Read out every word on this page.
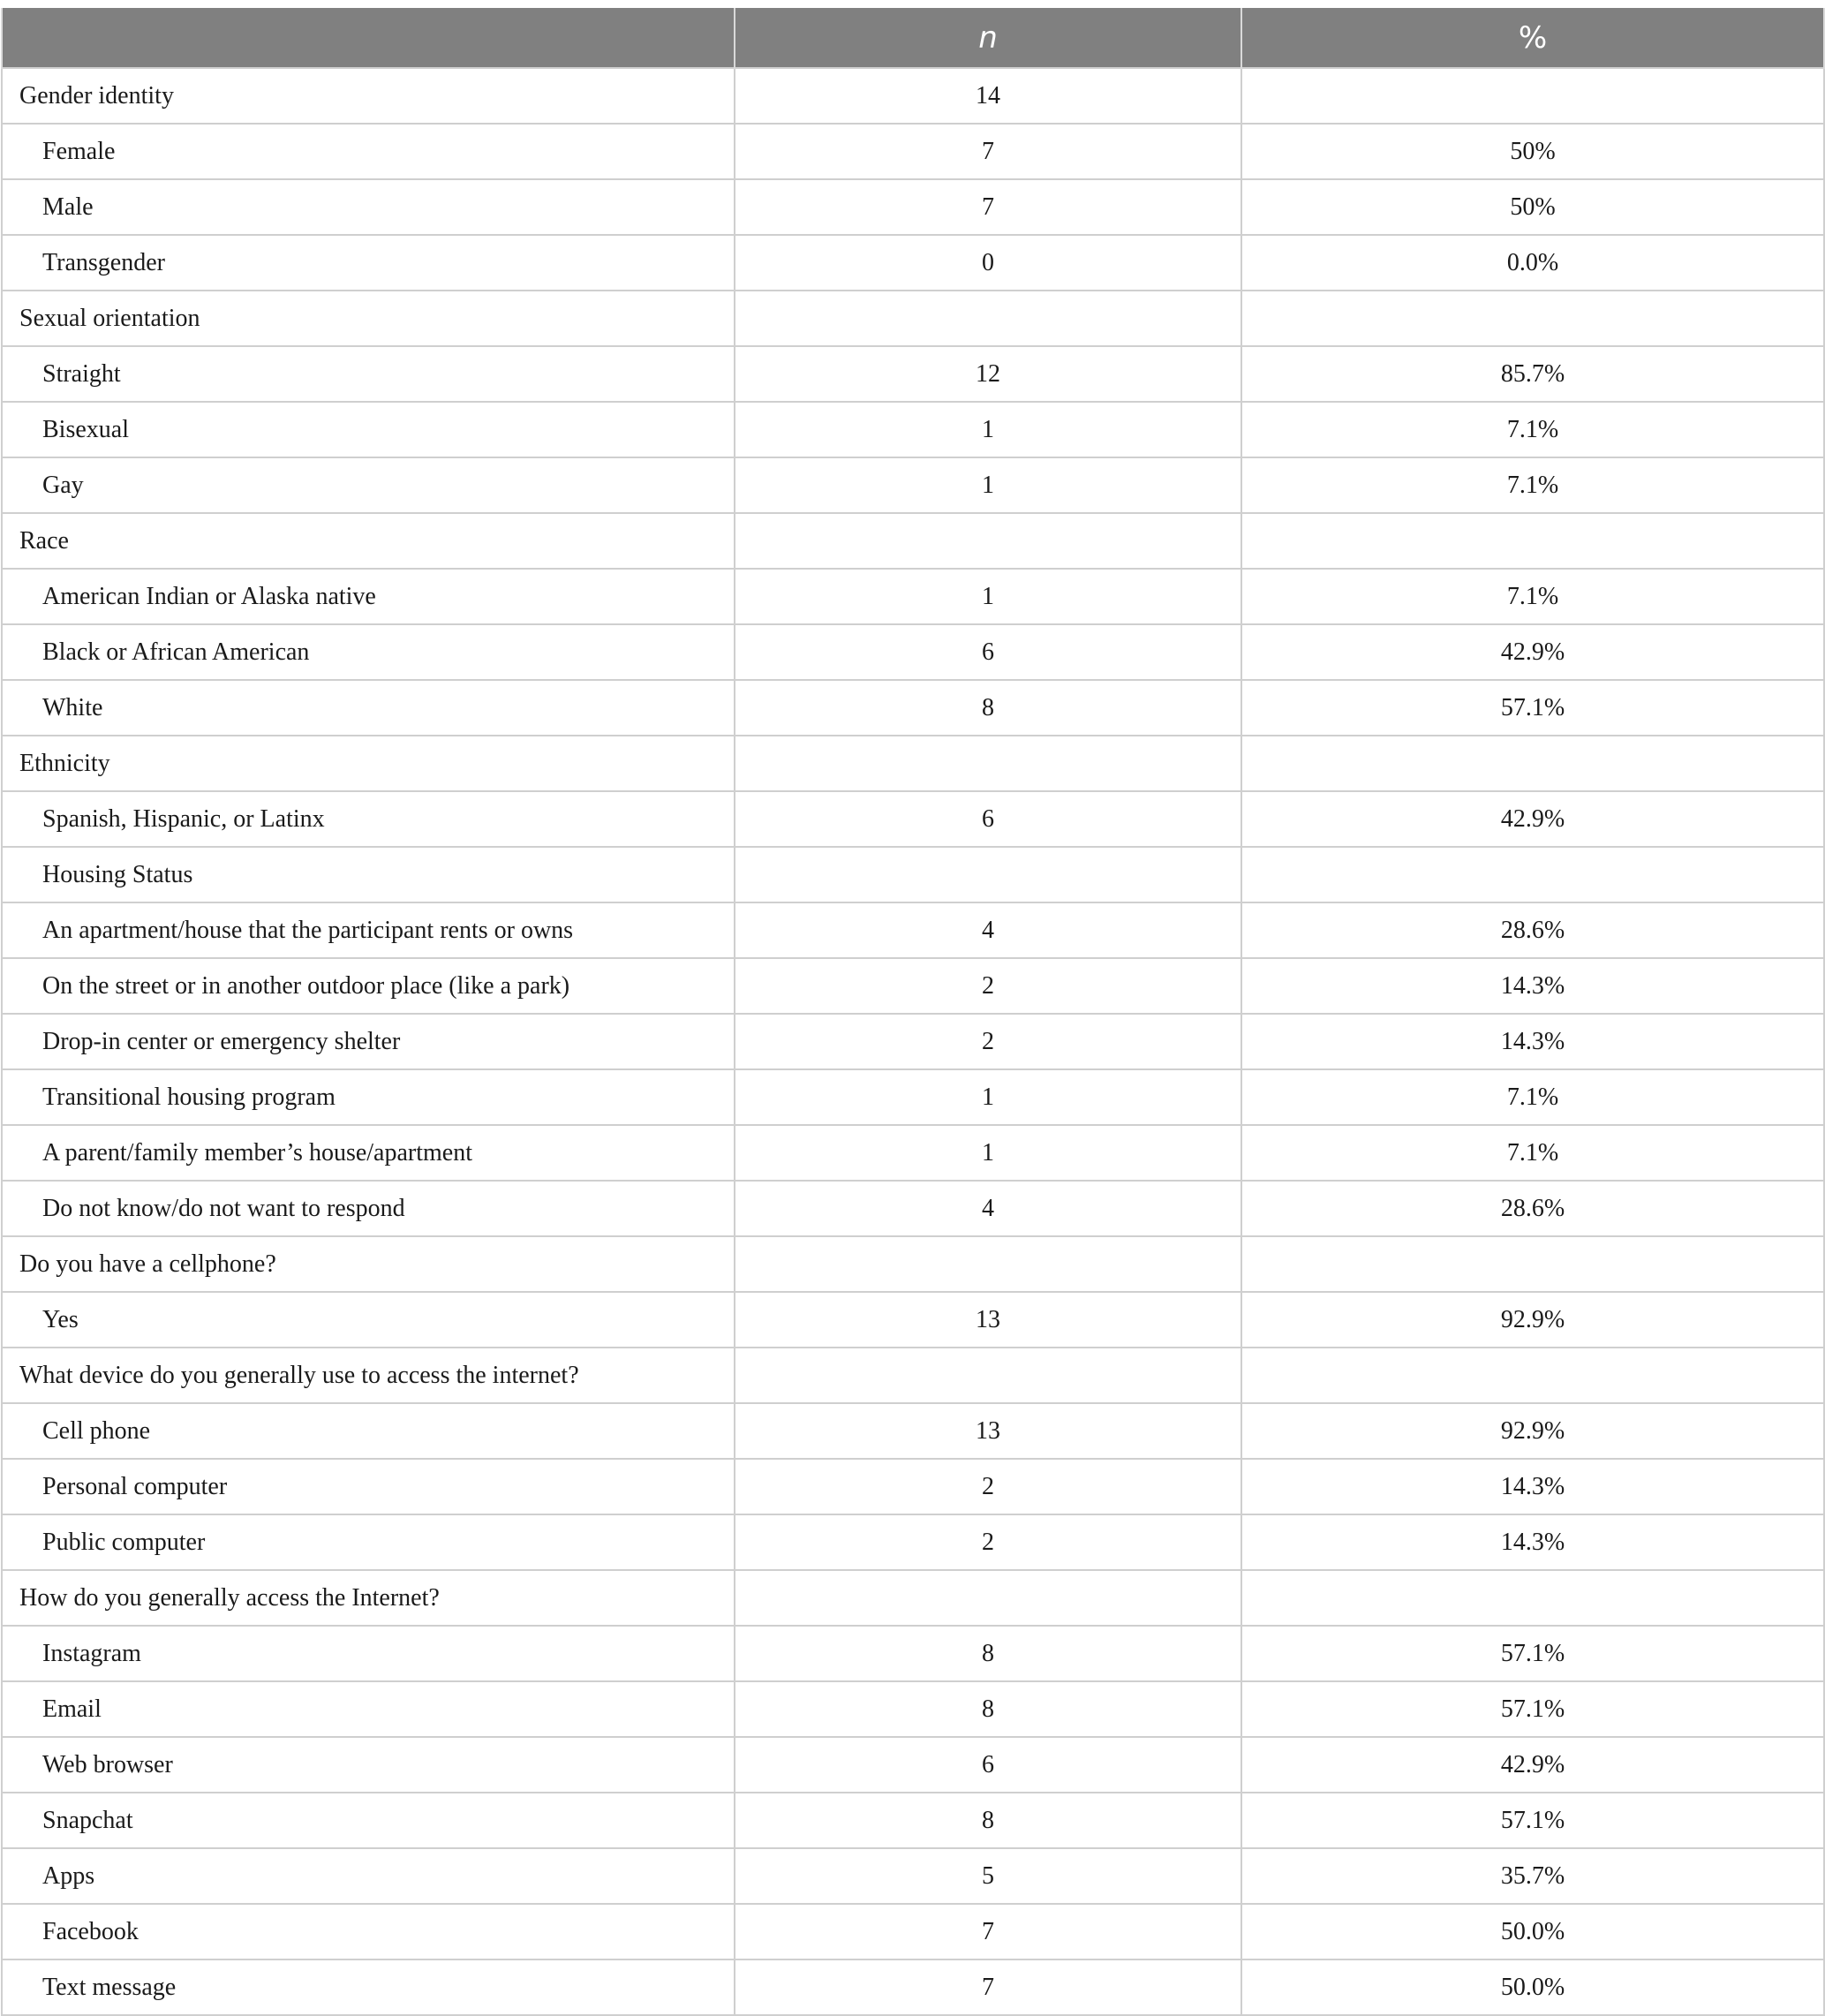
	n	%
Gender identity	14	
Female	7	50%
Male	7	50%
Transgender	0	0.0%
Sexual orientation		
Straight	12	85.7%
Bisexual	1	7.1%
Gay	1	7.1%
Race		
American Indian or Alaska native	1	7.1%
Black or African American	6	42.9%
White	8	57.1%
Ethnicity		
Spanish, Hispanic, or Latinx	6	42.9%
Housing Status		
An apartment/house that the participant rents or owns	4	28.6%
On the street or in another outdoor place (like a park)	2	14.3%
Drop-in center or emergency shelter	2	14.3%
Transitional housing program	1	7.1%
A parent/family member’s house/apartment	1	7.1%
Do not know/do not want to respond	4	28.6%
Do you have a cellphone?		
Yes	13	92.9%
What device do you generally use to access the internet?		
Cell phone	13	92.9%
Personal computer	2	14.3%
Public computer	2	14.3%
How do you generally access the Internet?		
Instagram	8	57.1%
Email	8	57.1%
Web browser	6	42.9%
Snapchat	8	57.1%
Apps	5	35.7%
Facebook	7	50.0%
Text message	7	50.0%
